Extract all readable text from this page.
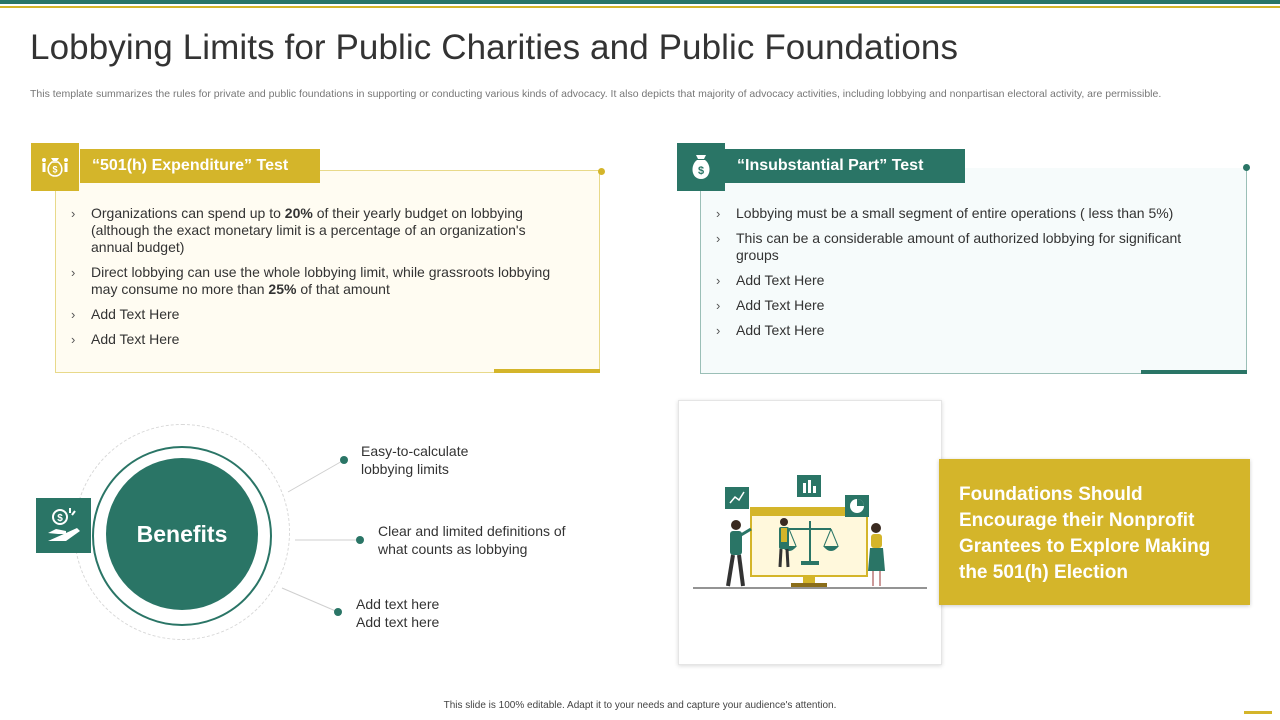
Lobbying Limits for Public Charities and Public Foundations
This template summarizes the rules for private and public foundations in supporting or conducting various kinds of advocacy. It also depicts that majority of advocacy activities, including lobbying and nonpartisan electoral activity, are permissible.
“501(h) Expenditure” Test
$
› Organizations can spend up to 20% of their yearly budget on lobbying (although the exact monetary limit is a percentage of an organization's annual budget)
› Direct lobbying can use the whole lobbying limit, while grassroots lobbying may consume no more than 25% of that amount
› Add Text Here
› Add Text Here
“Insubstantial Part” Test
$
› Lobbying must be a small segment of entire operations ( less than 5%)
› This can be a considerable amount of authorized lobbying for significant groups
› Add Text Here
› Add Text Here
› Add Text Here
Benefits
$
Easy-to-calculate
lobbying limits
Clear and limited definitions of
what counts as lobbying
Add text here
Add text here
Foundations Should Encourage their Nonprofit Grantees to Explore Making the 501(h) Election
This slide is 100% editable. Adapt it to your needs and capture your audience's attention.
